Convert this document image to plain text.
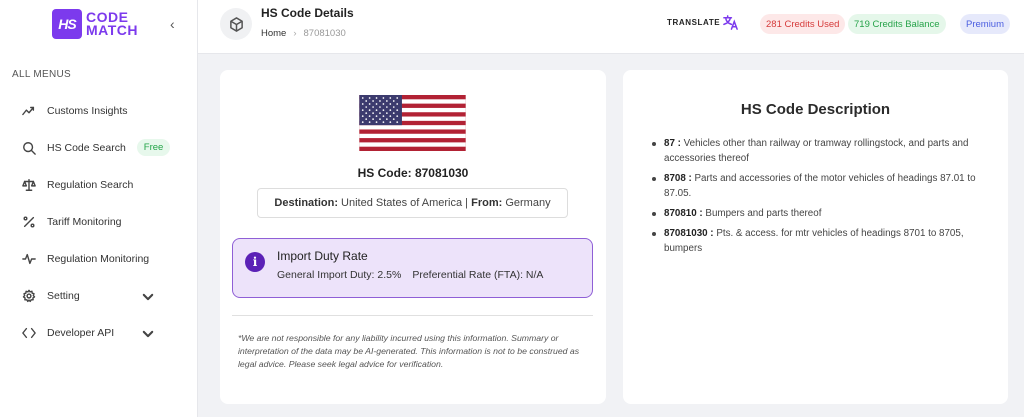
HS CODE
MATCH ‹
ALL MENUS
Customs Insights
HS Code Search	Free
Regulation Search
Tariff Monitoring
Regulation Monitoring
Setting
Developer API
HS Code Details
Home › 87081030
TRANSLATE	281 Credits Used	719 Credits Balance	Premium
HS Code: 87081030
Destination:
United States of America | From:
Germany
i	Import Duty Rate
General Import Duty: 2.5% Preferential Rate (FTA): N/A
*We are not responsible for any liability incurred using this information. Summary or interpretation of the data may be AI-generated. This information is not to be construed as legal advice. Please seek legal advice for verification.
HS Code Description
87 : Vehicles other than railway or tramway rollingstock, and parts and accessories thereof
8708 : Parts and accessories of the motor vehicles of headings 87.01 to 87.05.
870810 : Bumpers and parts thereof
87081030 : Pts. & access. for mtr vehicles of headings 8701 to 8705, bumpers
